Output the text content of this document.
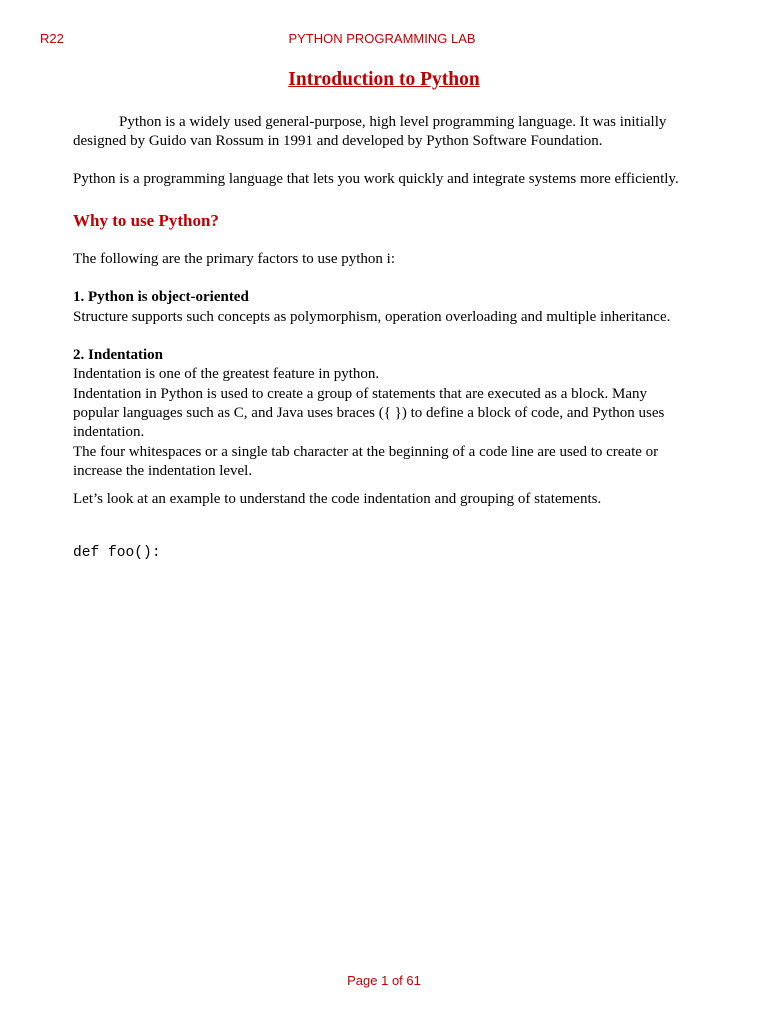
R22	PYTHON PROGRAMMING LAB
Introduction to Python

Python is a widely used general-purpose, high level programming language. It was initially designed by Guido van Rossum in 1991 and developed by Python Software Foundation.

Python is a programming language that lets you work quickly and integrate systems more efficiently.

Why to use Python?

The following are the primary factors to use python i:

1. Python is object-oriented

Structure supports such concepts as polymorphism, operation overloading and multiple inheritance.

2. Indentation

Indentation is one of the greatest feature in python.

Indentation in Python is used to create a group of statements that are executed as a block. Many popular languages such as C, and Java uses braces ({ }) to define a block of code, and Python uses indentation.

The four whitespaces or a single tab character at the beginning of a code line are used to create or increase the indentation level.

Let’s look at an example to understand the code indentation and grouping of statements.

def foo():

Page 1 of 61
